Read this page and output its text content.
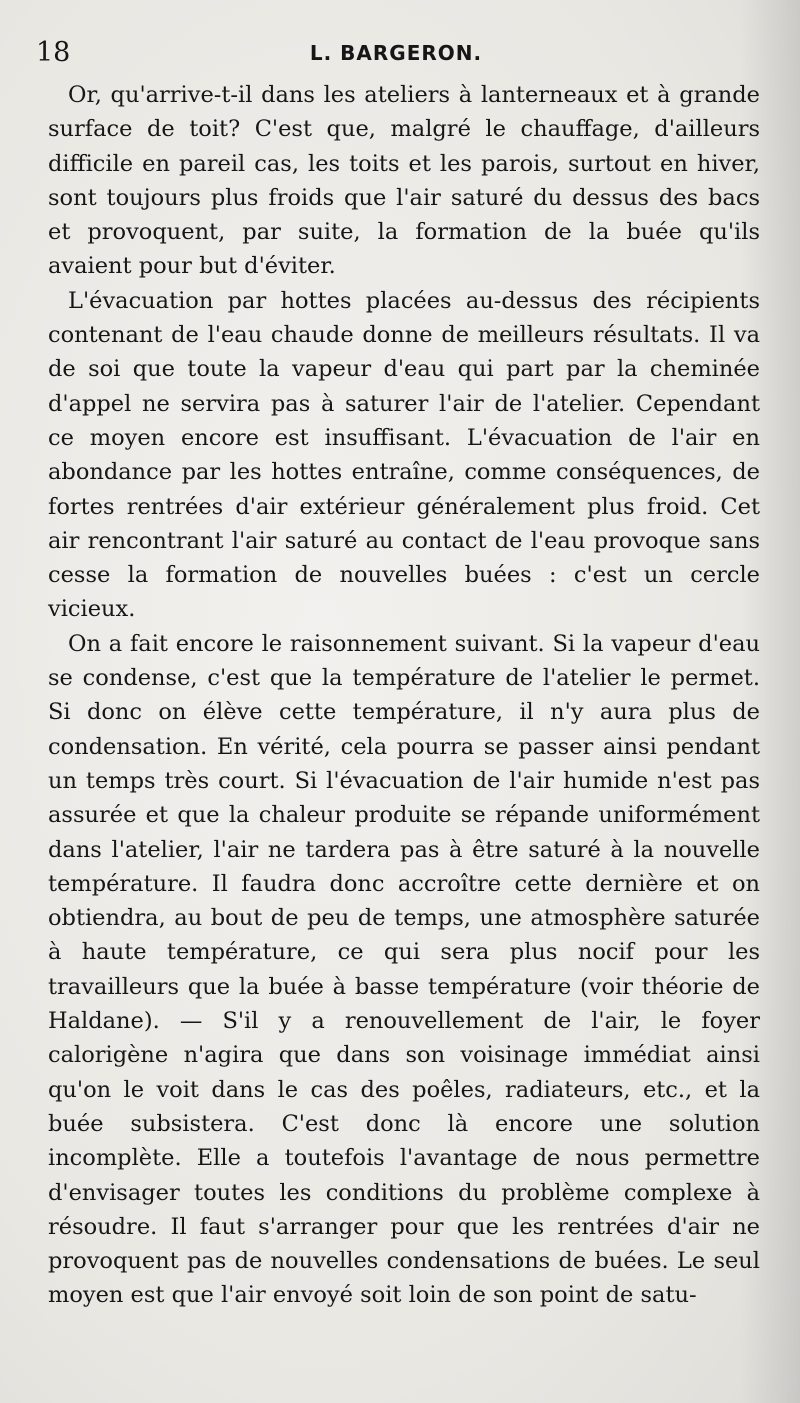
18	L. BARGERON.

Or, qu'arrive-t-il dans les ateliers à lanterneaux et à grande surface de toit? C'est que, malgré le chauffage, d'ailleurs difficile en pareil cas, les toits et les parois, surtout en hiver, sont toujours plus froids que l'air saturé du dessus des bacs et provoquent, par suite, la formation de la buée qu'ils avaient pour but d'éviter.

L'évacuation par hottes placées au-dessus des récipients contenant de l'eau chaude donne de meilleurs résultats. Il va de soi que toute la vapeur d'eau qui part par la cheminée d'appel ne servira pas à saturer l'air de l'atelier. Cependant ce moyen encore est insuffisant. L'évacuation de l'air en abondance par les hottes entraîne, comme conséquences, de fortes rentrées d'air extérieur généralement plus froid. Cet air rencontrant l'air saturé au contact de l'eau provoque sans cesse la formation de nouvelles buées : c'est un cercle vicieux.

On a fait encore le raisonnement suivant. Si la vapeur d'eau se condense, c'est que la température de l'atelier le permet. Si donc on élève cette température, il n'y aura plus de condensation. En vérité, cela pourra se passer ainsi pendant un temps très court. Si l'évacuation de l'air humide n'est pas assurée et que la chaleur produite se répande uniformément dans l'atelier, l'air ne tardera pas à être saturé à la nouvelle température. Il faudra donc accroître cette dernière et on obtiendra, au bout de peu de temps, une atmosphère saturée à haute température, ce qui sera plus nocif pour les travailleurs que la buée à basse température (voir théorie de Haldane). — S'il y a renouvellement de l'air, le foyer calorigène n'agira que dans son voisinage immédiat ainsi qu'on le voit dans le cas des poêles, radiateurs, etc., et la buée subsistera. C'est donc là encore une solution incomplète. Elle a toutefois l'avantage de nous permettre d'envisager toutes les conditions du problème complexe à résoudre. Il faut s'arranger pour que les rentrées d'air ne provoquent pas de nouvelles condensations de buées. Le seul moyen est que l'air envoyé soit loin de son point de satu-
